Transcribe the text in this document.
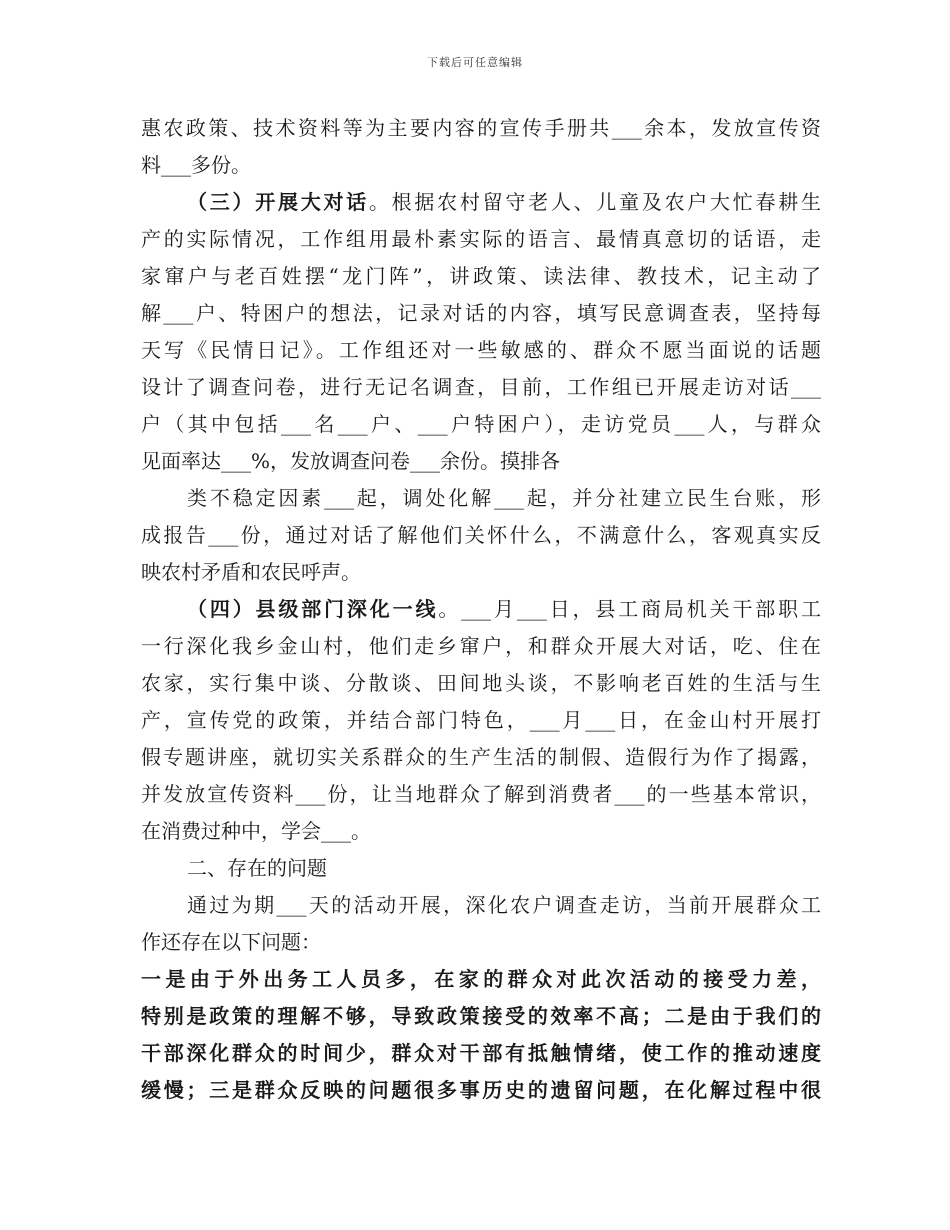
下载后可任意编辑
惠农政策、技术资料等为主要内容的宣传手册共___余本，发放宣传资
料___多份。
（三）开展大对话。根据农村留守老人、儿童及农户大忙春耕生
产的实际情况，工作组用最朴素实际的语言、最情真意切的话语，走
家窜户与老百姓摆“龙门阵”，讲政策、读法律、教技术，记主动了
解___户、特困户的想法，记录对话的内容，填写民意调查表，坚持每
天写《民情日记》。工作组还对一些敏感的、群众不愿当面说的话题
设计了调查问卷，进行无记名调查，目前，工作组已开展走访对话___
户（其中包括___名___户、___户特困户），走访党员___人，与群众
见面率达___%，发放调查问卷___余份。摸排各
类不稳定因素___起，调处化解___起，并分社建立民生台账，形
成报告___份，通过对话了解他们关怀什么，不满意什么，客观真实反
映农村矛盾和农民呼声。
（四）县级部门深化一线。___月___日，县工商局机关干部职工
一行深化我乡金山村，他们走乡窜户，和群众开展大对话，吃、住在
农家，实行集中谈、分散谈、田间地头谈，不影响老百姓的生活与生
产，宣传党的政策，并结合部门特色，___月___日，在金山村开展打
假专题讲座，就切实关系群众的生产生活的制假、造假行为作了揭露，
并发放宣传资料___份，让当地群众了解到消费者___的一些基本常识，
在消费过种中，学会___。
二、存在的问题
通过为期___天的活动开展，深化农户调查走访，当前开展群众工
作还存在以下问题：
一是由于外出务工人员多，在家的群众对此次活动的接受力差，
特别是政策的理解不够，导致政策接受的效率不高；二是由于我们的
干部深化群众的时间少，群众对干部有抵触情绪，使工作的推动速度
缓慢；三是群众反映的问题很多事历史的遗留问题，在化解过程中很
